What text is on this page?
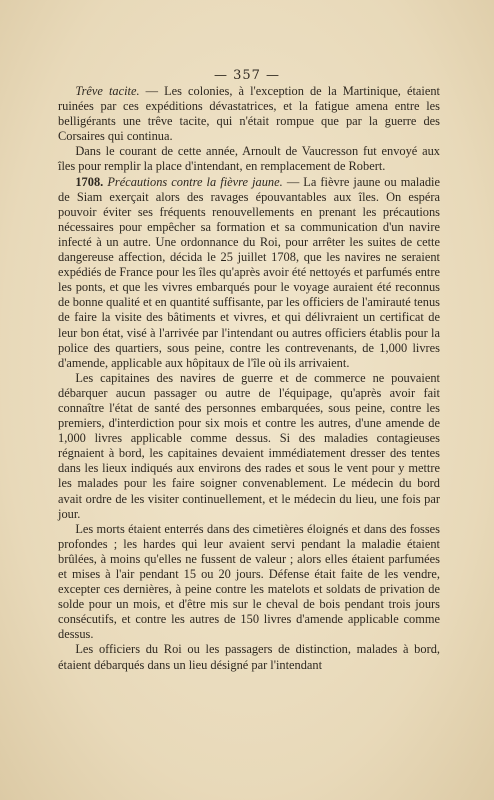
— 357 —

Trêve tacite. — Les colonies, à l'exception de la Martinique, étaient ruinées par ces expéditions dévastatrices, et la fatigue amena entre les belligérants une trêve tacite, qui n'était rompue que par la guerre des Corsaires qui continua.

Dans le courant de cette année, Arnoult de Vaucresson fut envoyé aux îles pour remplir la place d'intendant, en remplacement de Robert.

1708. Précautions contre la fièvre jaune. — La fièvre jaune ou maladie de Siam exerçait alors des ravages épouvantables aux îles. On espéra pouvoir éviter ses fréquents renouvellements en prenant les précautions nécessaires pour empêcher sa formation et sa communication d'un navire infecté à un autre. Une ordonnance du Roi, pour arrêter les suites de cette dangereuse affection, décida le 25 juillet 1708, que les navires ne seraient expédiés de France pour les îles qu'après avoir été nettoyés et parfumés entre les ponts, et que les vivres embarqués pour le voyage auraient été reconnus de bonne qualité et en quantité suffisante, par les officiers de l'amirauté tenus de faire la visite des bâtiments et vivres, et qui délivraient un certificat de leur bon état, visé à l'arrivée par l'intendant ou autres officiers établis pour la police des quartiers, sous peine, contre les contrevenants, de 1,000 livres d'amende, applicable aux hôpitaux de l'île où ils arrivaient.

Les capitaines des navires de guerre et de commerce ne pouvaient débarquer aucun passager ou autre de l'équipage, qu'après avoir fait connaître l'état de santé des personnes embarquées, sous peine, contre les premiers, d'interdiction pour six mois et contre les autres, d'une amende de 1,000 livres applicable comme dessus. Si des maladies contagieuses régnaient à bord, les capitaines devaient immédiatement dresser des tentes dans les lieux indiqués aux environs des rades et sous le vent pour y mettre les malades pour les faire soigner convenablement. Le médecin du bord avait ordre de les visiter continuellement, et le médecin du lieu, une fois par jour.

Les morts étaient enterrés dans des cimetières éloignés et dans des fosses profondes ; les hardes qui leur avaient servi pendant la maladie étaient brûlées, à moins qu'elles ne fussent de valeur ; alors elles étaient parfumées et mises à l'air pendant 15 ou 20 jours. Défense était faite de les vendre, excepter ces dernières, à peine contre les matelots et soldats de privation de solde pour un mois, et d'être mis sur le cheval de bois pendant trois jours consécutifs, et contre les autres de 150 livres d'amende applicable comme dessus.

Les officiers du Roi ou les passagers de distinction, malades à bord, étaient débarqués dans un lieu désigné par l'intendant
